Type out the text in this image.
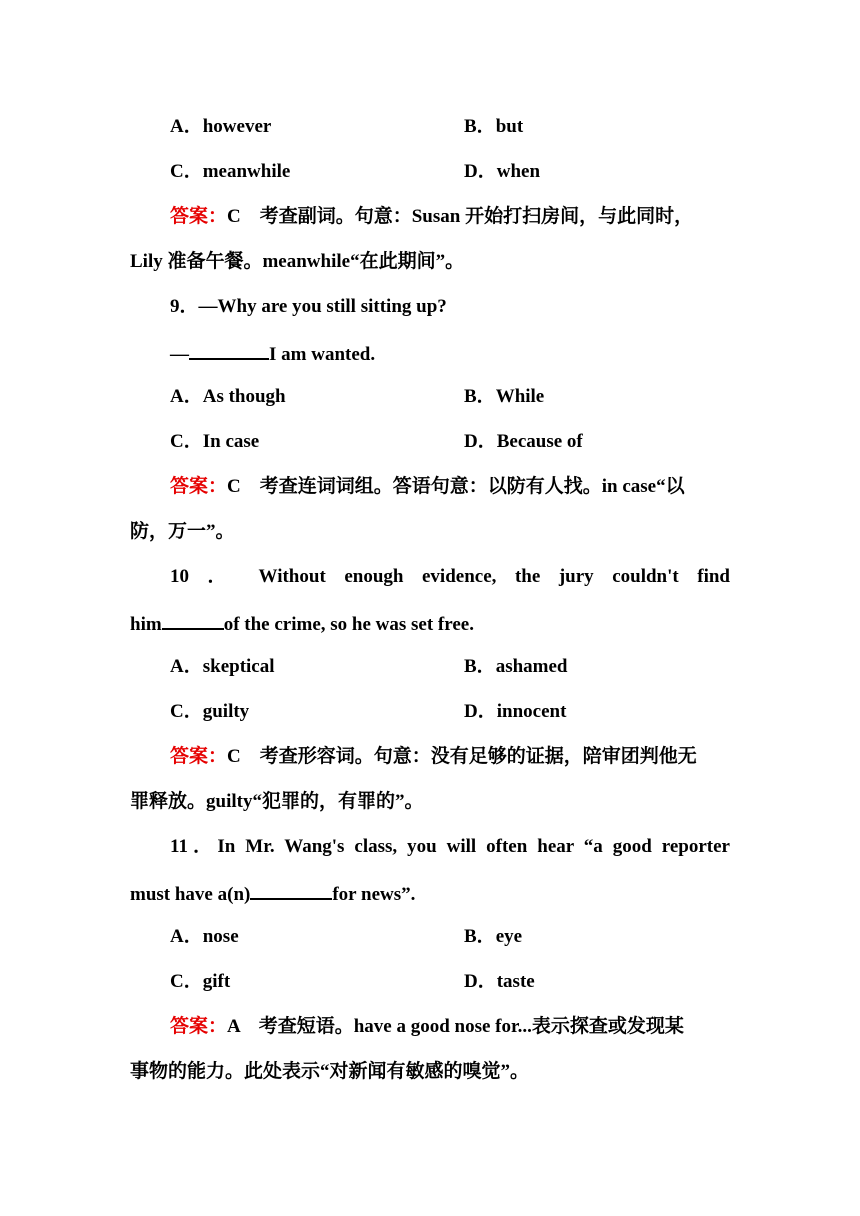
A．however	B．but
C．meanwhile	D．when
答案：C　考查副词。句意：Susan 开始打扫房间，与此同时，
Lily 准备午餐。meanwhile“在此期间”。
9．—Why are you still sitting up?
—	I am wanted.
A．As though	B．While
C．In case	D．Because of
答案：C　考查连词词组。答语句意：以防有人找。in case“以
防，万一”。
10 ． Without enough evidence, the jury couldn't find
him	of the crime, so he was set free.
A．skeptical	B．ashamed
C．guilty	D．innocent
答案：C　考查形容词。句意：没有足够的证据，陪审团判他无
罪释放。guilty“犯罪的，有罪的”。
11．In Mr. Wang's class, you will often hear “a good reporter
must have a(n)	for news”.
A．nose	B．eye
C．gift	D．taste
答案：A　考查短语。have a good nose for...表示探查或发现某
事物的能力。此处表示“对新闻有敏感的嗅觉”。
